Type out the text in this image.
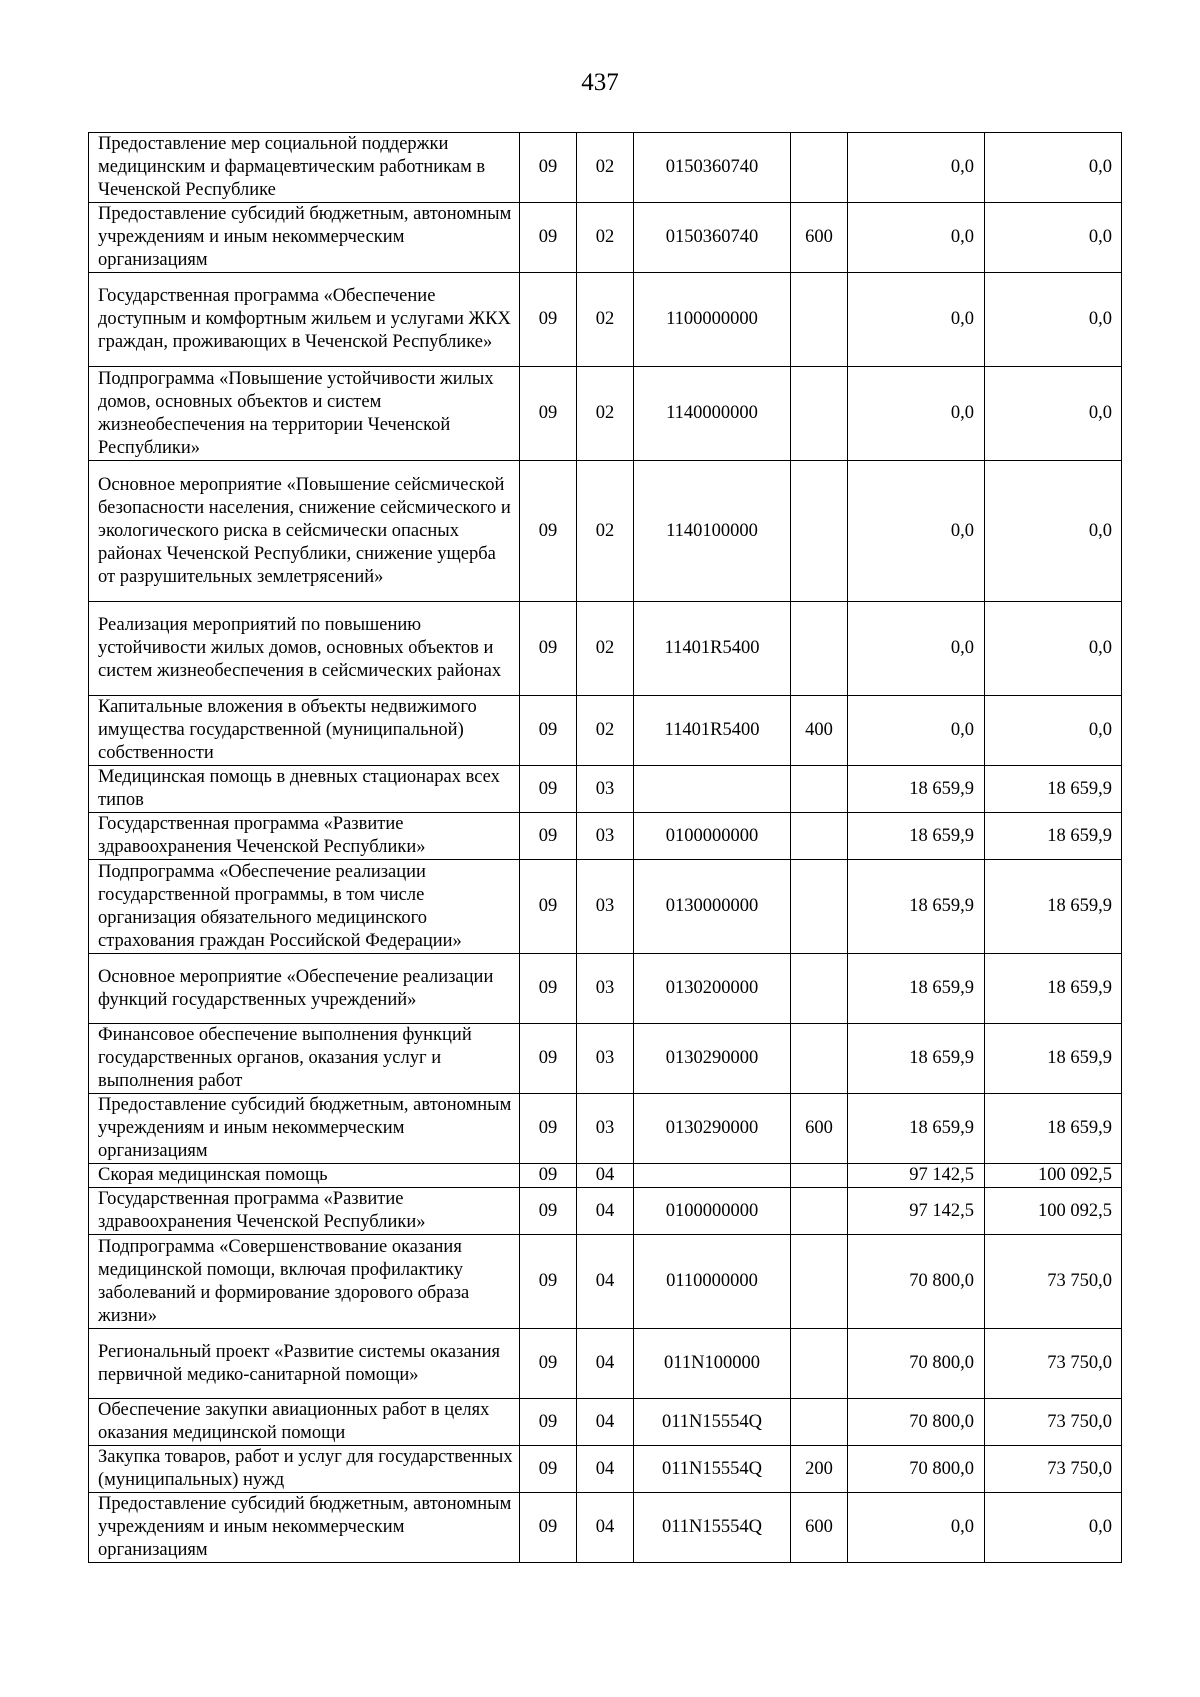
437
Предоставление мер социальной поддержки медицинским и фармацевтическим работникам в Чеченской Республике	09	02	0150360740		0,0	0,0
Предоставление субсидий бюджетным, автономным учреждениям и иным некоммерческим организациям	09	02	0150360740	600	0,0	0,0
Государственная программа «Обеспечение доступным и комфортным жильем и услугами ЖКХ граждан, проживающих в Чеченской Республике»	09	02	1100000000		0,0	0,0
Подпрограмма «Повышение устойчивости жилых домов, основных объектов и систем жизнеобеспечения на территории Чеченской Республики»	09	02	1140000000		0,0	0,0
Основное мероприятие «Повышение сейсмической безопасности населения, снижение сейсмического и экологического риска в сейсмически опасных районах Чеченской Республики, снижение ущерба от разрушительных землетрясений»	09	02	1140100000		0,0	0,0
Реализация мероприятий по повышению устойчивости жилых домов, основных объектов и систем жизнеобеспечения в сейсмических районах	09	02	11401R5400		0,0	0,0
Капитальные вложения в объекты недвижимого имущества государственной (муниципальной) собственности	09	02	11401R5400	400	0,0	0,0
Медицинская помощь в дневных стационарах всех типов	09	03			18 659,9	18 659,9
Государственная программа «Развитие здравоохранения Чеченской Республики»	09	03	0100000000		18 659,9	18 659,9
Подпрограмма «Обеспечение реализации государственной программы, в том числе организация обязательного медицинского страхования граждан Российской Федерации»	09	03	0130000000		18 659,9	18 659,9
Основное мероприятие «Обеспечение реализации функций государственных учреждений»	09	03	0130200000		18 659,9	18 659,9
Финансовое обеспечение выполнения функций государственных органов, оказания услуг и выполнения работ	09	03	0130290000		18 659,9	18 659,9
Предоставление субсидий бюджетным, автономным учреждениям и иным некоммерческим организациям	09	03	0130290000	600	18 659,9	18 659,9
Скорая медицинская помощь	09	04			97 142,5	100 092,5
Государственная программа «Развитие здравоохранения Чеченской Республики»	09	04	0100000000		97 142,5	100 092,5
Подпрограмма «Совершенствование оказания медицинской помощи, включая профилактику заболеваний и формирование здорового образа жизни»	09	04	0110000000		70 800,0	73 750,0
Региональный проект «Развитие системы оказания первичной медико-санитарной помощи»	09	04	011N100000		70 800,0	73 750,0
Обеспечение закупки авиационных работ в целях оказания медицинской помощи	09	04	011N15554Q		70 800,0	73 750,0
Закупка товаров, работ и услуг для государственных (муниципальных) нужд	09	04	011N15554Q	200	70 800,0	73 750,0
Предоставление субсидий бюджетным, автономным учреждениям и иным некоммерческим организациям	09	04	011N15554Q	600	0,0	0,0
